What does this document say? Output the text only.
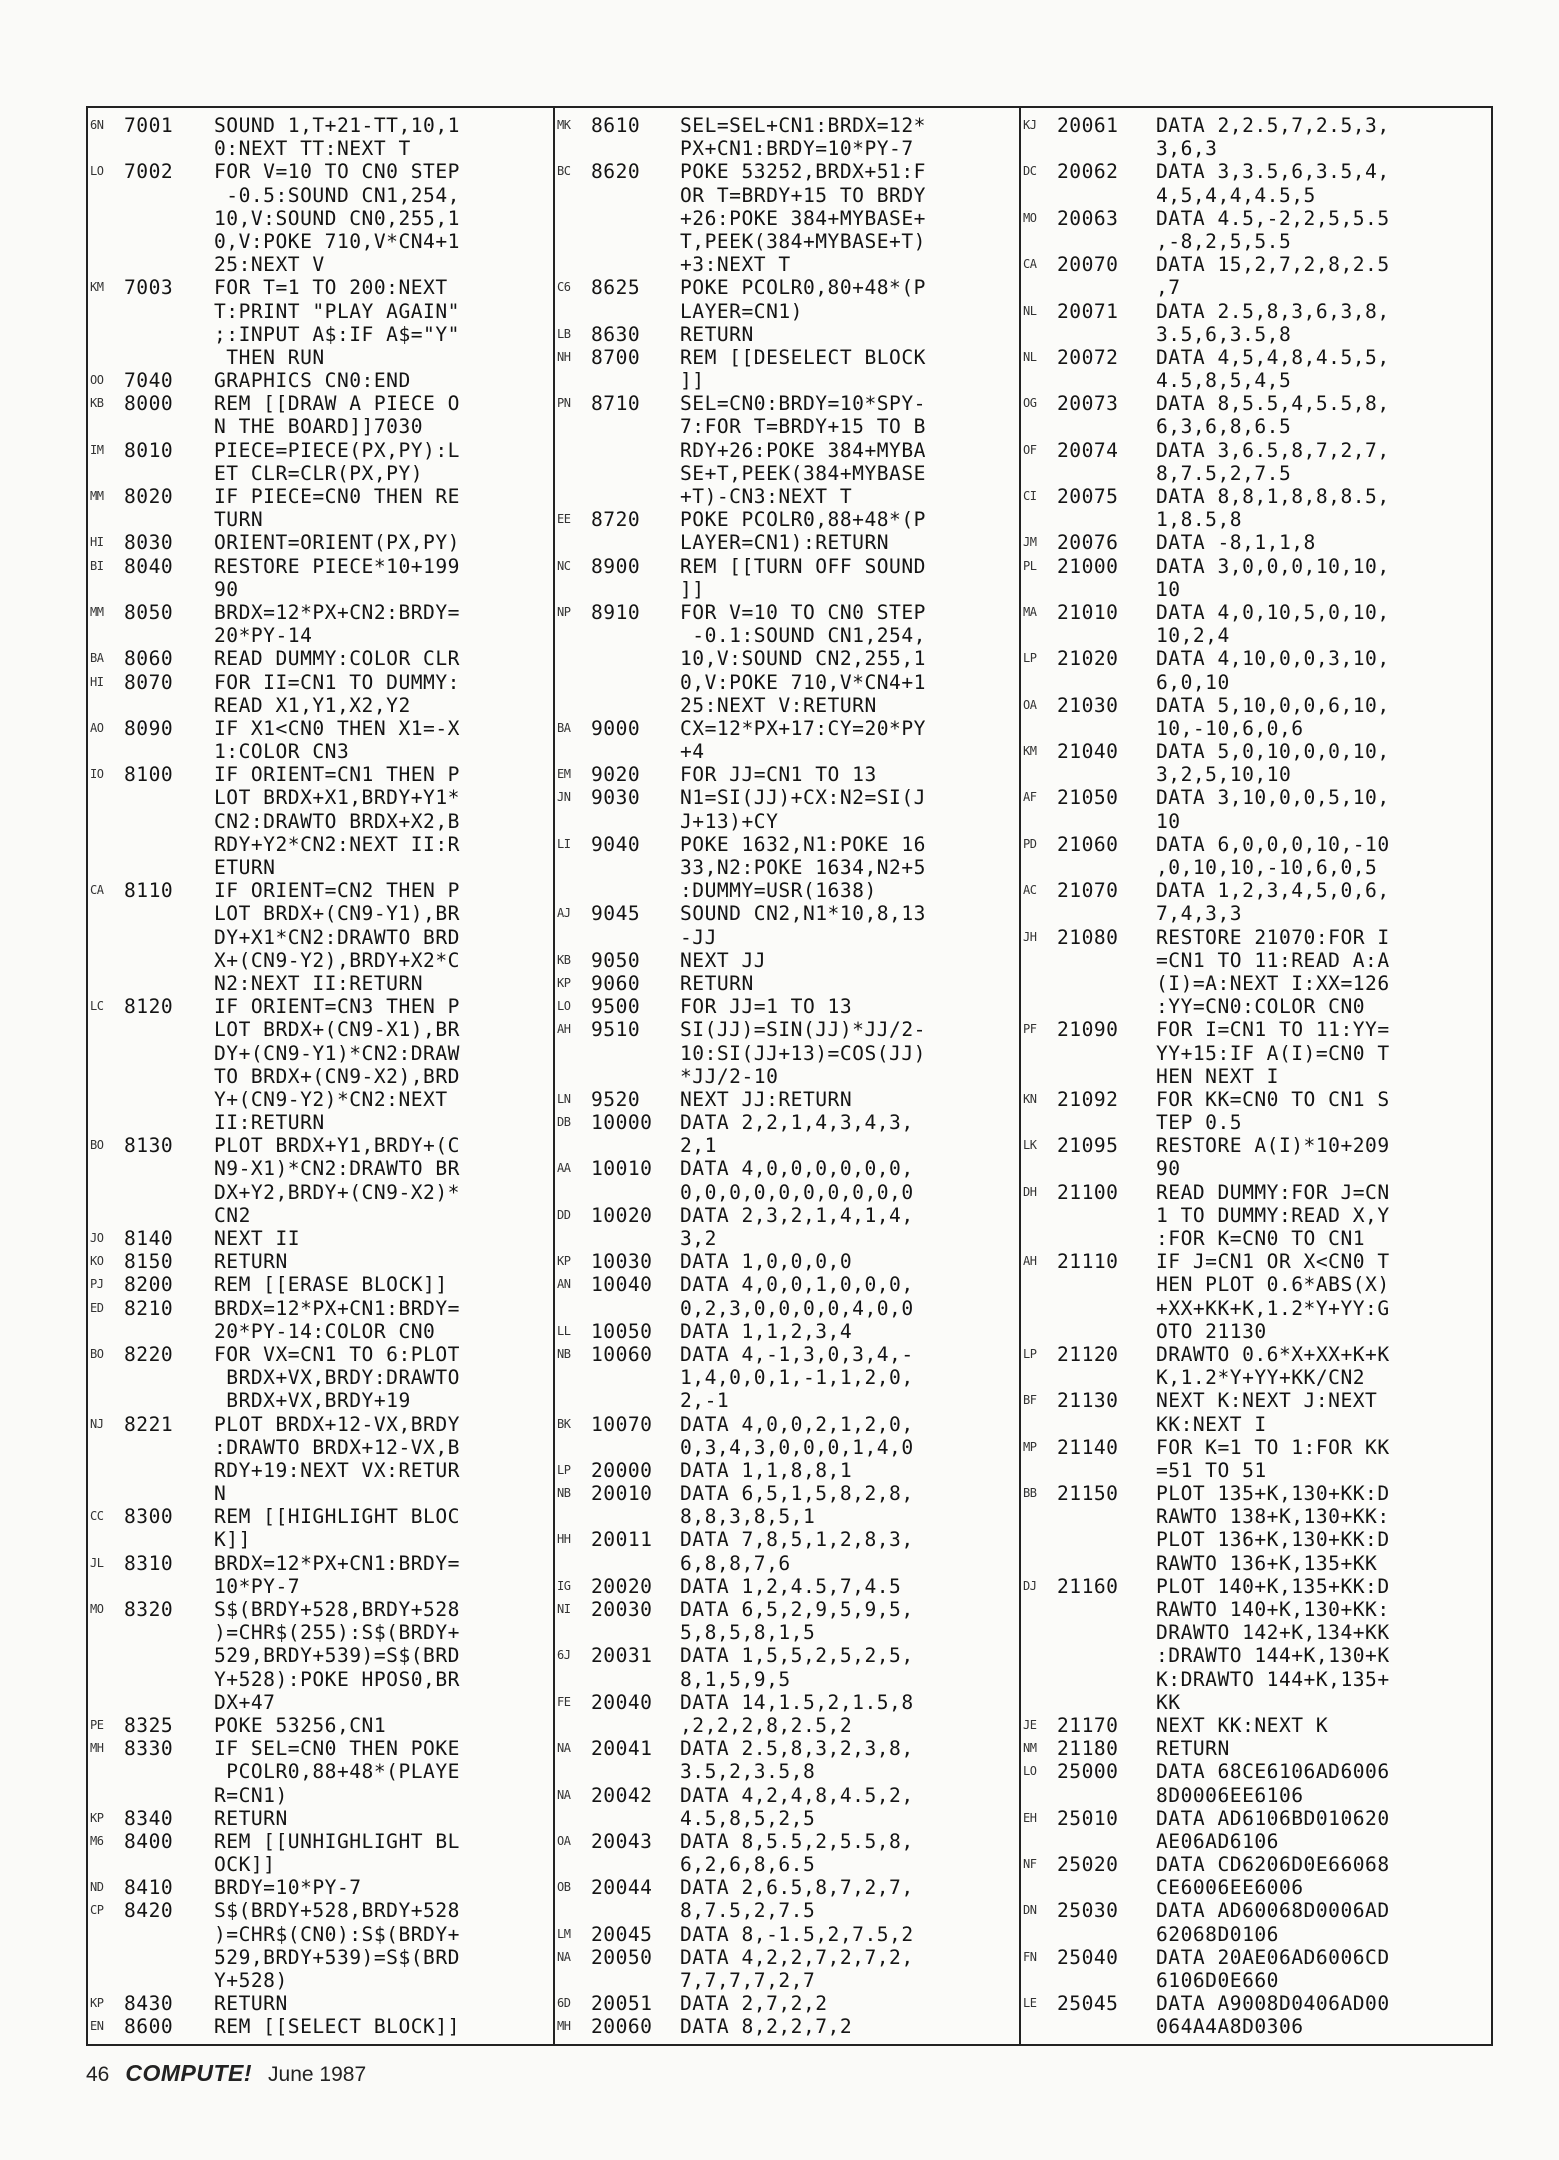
6N	7001 SOUND 1,T+21-TT,10,1
0:NEXT TT:NEXT T
LO	7002 FOR V=10 TO CN0 STEP
-0.5:SOUND CN1,254,
10,V:SOUND CN0,255,1
0,V:POKE 710,V*CN4+1
25:NEXT V
KM	7003 FOR T=1 TO 200:NEXT
T:PRINT "PLAY AGAIN"
;:INPUT A$:IF A$="Y"
THEN RUN
OO	7040 GRAPHICS CN0:END
KB	8000 REM [[DRAW A PIECE O
N THE BOARD]]7030
IM	8010 PIECE=PIECE(PX,PY):L
ET CLR=CLR(PX,PY)
MM	8020 IF PIECE=CN0 THEN RE
TURN
HI	8030 ORIENT=ORIENT(PX,PY)
BI	8040 RESTORE PIECE*10+199
90
MM	8050 BRDX=12*PX+CN2:BRDY=
20*PY-14
BA	8060 READ DUMMY:COLOR CLR
HI	8070 FOR II=CN1 TO DUMMY:
READ X1,Y1,X2,Y2
AO	8090 IF X1<CN0 THEN X1=-X
1:COLOR CN3
IO	8100 IF ORIENT=CN1 THEN P
LOT BRDX+X1,BRDY+Y1*
CN2:DRAWTO BRDX+X2,B
RDY+Y2*CN2:NEXT II:R
ETURN
CA	8110 IF ORIENT=CN2 THEN P
LOT BRDX+(CN9-Y1),BR
DY+X1*CN2:DRAWTO BRD
X+(CN9-Y2),BRDY+X2*C
N2:NEXT II:RETURN
LC	8120 IF ORIENT=CN3 THEN P
LOT BRDX+(CN9-X1),BR
DY+(CN9-Y1)*CN2:DRAW
TO BRDX+(CN9-X2),BRD
Y+(CN9-Y2)*CN2:NEXT
II:RETURN
BO	8130 PLOT BRDX+Y1,BRDY+(C
N9-X1)*CN2:DRAWTO BR
DX+Y2,BRDY+(CN9-X2)*
CN2
JO	8140 NEXT II
KO	8150 RETURN
PJ	8200 REM [[ERASE BLOCK]]
ED	8210 BRDX=12*PX+CN1:BRDY=
20*PY-14:COLOR CN0
BO	8220 FOR VX=CN1 TO 6:PLOT
BRDX+VX,BRDY:DRAWTO
BRDX+VX,BRDY+19
NJ	8221 PLOT BRDX+12-VX,BRDY
:DRAWTO BRDX+12-VX,B
RDY+19:NEXT VX:RETUR
N
CC	8300 REM [[HIGHLIGHT BLOC
K]]
JL	8310 BRDX=12*PX+CN1:BRDY=
10*PY-7
MO	8320 S$(BRDY+528,BRDY+528
)=CHR$(255):S$(BRDY+
529,BRDY+539)=S$(BRD
Y+528):POKE HPOS0,BR
DX+47
PE	8325 POKE 53256,CN1
MH	8330 IF SEL=CN0 THEN POKE
PCOLR0,88+48*(PLAYE
R=CN1)
KP	8340 RETURN
M6	8400 REM [[UNHIGHLIGHT BL
OCK]]
ND	8410 BRDY=10*PY-7
CP	8420 S$(BRDY+528,BRDY+528
)=CHR$(CN0):S$(BRDY+
529,BRDY+539)=S$(BRD
Y+528)
KP	8430 RETURN
EN	8600 REM [[SELECT BLOCK]]
MK	8610 SEL=SEL+CN1:BRDX=12*
PX+CN1:BRDY=10*PY-7
BC	8620 POKE 53252,BRDX+51:F
OR T=BRDY+15 TO BRDY
+26:POKE 384+MYBASE+
T,PEEK(384+MYBASE+T)
+3:NEXT T
C6	8625 POKE PCOLR0,80+48*(P
LAYER=CN1)
LB	8630 RETURN
NH	8700 REM [[DESELECT BLOCK
]]
PN	8710 SEL=CN0:BRDY=10*SPY-
7:FOR T=BRDY+15 TO B
RDY+26:POKE 384+MYBA
SE+T,PEEK(384+MYBASE
+T)-CN3:NEXT T
EE	8720 POKE PCOLR0,88+48*(P
LAYER=CN1):RETURN
NC	8900 REM [[TURN OFF SOUND
]]
NP	8910 FOR V=10 TO CN0 STEP
-0.1:SOUND CN1,254,
10,V:SOUND CN2,255,1
0,V:POKE 710,V*CN4+1
25:NEXT V:RETURN
BA	9000 CX=12*PX+17:CY=20*PY
+4
EM	9020 FOR JJ=CN1 TO 13
JN	9030 N1=SI(JJ)+CX:N2=SI(J
J+13)+CY
LI	9040 POKE 1632,N1:POKE 16
33,N2:POKE 1634,N2+5
:DUMMY=USR(1638)
AJ	9045 SOUND CN2,N1*10,8,13
-JJ
KB	9050 NEXT JJ
KP	9060 RETURN
LO	9500 FOR JJ=1 TO 13
AH	9510 SI(JJ)=SIN(JJ)*JJ/2-
10:SI(JJ+13)=COS(JJ)
*JJ/2-10
LN	9520 NEXT JJ:RETURN
DB	10000 DATA 2,2,1,4,3,4,3,
2,1
AA	10010 DATA 4,0,0,0,0,0,0,
0,0,0,0,0,0,0,0,0,0
DD	10020 DATA 2,3,2,1,4,1,4,
3,2
KP	10030 DATA 1,0,0,0,0
AN	10040 DATA 4,0,0,1,0,0,0,
0,2,3,0,0,0,0,4,0,0
LL	10050 DATA 1,1,2,3,4
NB	10060 DATA 4,-1,3,0,3,4,-
1,4,0,0,1,-1,1,2,0,
2,-1
BK	10070 DATA 4,0,0,2,1,2,0,
0,3,4,3,0,0,0,1,4,0
LP	20000 DATA 1,1,8,8,1
NB	20010 DATA 6,5,1,5,8,2,8,
8,8,3,8,5,1
HH	20011 DATA 7,8,5,1,2,8,3,
6,8,8,7,6
IG	20020 DATA 1,2,4.5,7,4.5
NI	20030 DATA 6,5,2,9,5,9,5,
5,8,5,8,1,5
6J	20031 DATA 1,5,5,2,5,2,5,
8,1,5,9,5
FE	20040 DATA 14,1.5,2,1.5,8
,2,2,2,8,2.5,2
NA	20041 DATA 2.5,8,3,2,3,8,
3.5,2,3.5,8
NA	20042 DATA 4,2,4,8,4.5,2,
4.5,8,5,2,5
OA	20043 DATA 8,5.5,2,5.5,8,
6,2,6,8,6.5
OB	20044 DATA 2,6.5,8,7,2,7,
8,7.5,2,7.5
LM	20045 DATA 8,-1.5,2,7.5,2
NA	20050 DATA 4,2,2,7,2,7,2,
7,7,7,7,2,7
6D	20051 DATA 2,7,2,2
MH	20060 DATA 8,2,2,7,2
KJ	20061 DATA 2,2.5,7,2.5,3,
3,6,3
DC	20062 DATA 3,3.5,6,3.5,4,
4,5,4,4,4.5,5
MO	20063 DATA 4.5,-2,2,5,5.5
,-8,2,5,5.5
CA	20070 DATA 15,2,7,2,8,2.5
,7
NL	20071 DATA 2.5,8,3,6,3,8,
3.5,6,3.5,8
NL	20072 DATA 4,5,4,8,4.5,5,
4.5,8,5,4,5
OG	20073 DATA 8,5.5,4,5.5,8,
6,3,6,8,6.5
OF	20074 DATA 3,6.5,8,7,2,7,
8,7.5,2,7.5
CI	20075 DATA 8,8,1,8,8,8.5,
1,8.5,8
JM	20076 DATA -8,1,1,8
PL	21000 DATA 3,0,0,0,10,10,
10
MA	21010 DATA 4,0,10,5,0,10,
10,2,4
LP	21020 DATA 4,10,0,0,3,10,
6,0,10
OA	21030 DATA 5,10,0,0,6,10,
10,-10,6,0,6
KM	21040 DATA 5,0,10,0,0,10,
3,2,5,10,10
AF	21050 DATA 3,10,0,0,5,10,
10
PD	21060 DATA 6,0,0,0,10,-10
,0,10,10,-10,6,0,5
AC	21070 DATA 1,2,3,4,5,0,6,
7,4,3,3
JH	21080 RESTORE 21070:FOR I
=CN1 TO 11:READ A:A
(I)=A:NEXT I:XX=126
:YY=CN0:COLOR CN0
PF	21090 FOR I=CN1 TO 11:YY=
YY+15:IF A(I)=CN0 T
HEN NEXT I
KN	21092 FOR KK=CN0 TO CN1 S
TEP 0.5
LK	21095 RESTORE A(I)*10+209
90
DH	21100 READ DUMMY:FOR J=CN
1 TO DUMMY:READ X,Y
:FOR K=CN0 TO CN1
AH	21110 IF J=CN1 OR X<CN0 T
HEN PLOT 0.6*ABS(X)
+XX+KK+K,1.2*Y+YY:G
OTO 21130
LP	21120 DRAWTO 0.6*X+XX+K+K
K,1.2*Y+YY+KK/CN2
BF	21130 NEXT K:NEXT J:NEXT
KK:NEXT I
MP	21140 FOR K=1 TO 1:FOR KK
=51 TO 51
BB	21150 PLOT 135+K,130+KK:D
RAWTO 138+K,130+KK:
PLOT 136+K,130+KK:D
RAWTO 136+K,135+KK
DJ	21160 PLOT 140+K,135+KK:D
RAWTO 140+K,130+KK:
DRAWTO 142+K,134+KK
:DRAWTO 144+K,130+K
K:DRAWTO 144+K,135+
KK
JE	21170 NEXT KK:NEXT K
NM	21180 RETURN
LO	25000 DATA 68CE6106AD6006
8D0006EE6106
EH	25010 DATA AD6106BD010620
AE06AD6106
NF	25020 DATA CD6206D0E66068
CE6006EE6006
DN	25030 DATA AD60068D0006AD
62068D0106
FN	25040 DATA 20AE06AD6006CD
6106D0E660
LE	25045 DATA A9008D0406AD00
064A4A8D0306
46 COMPUTE! June 1987
